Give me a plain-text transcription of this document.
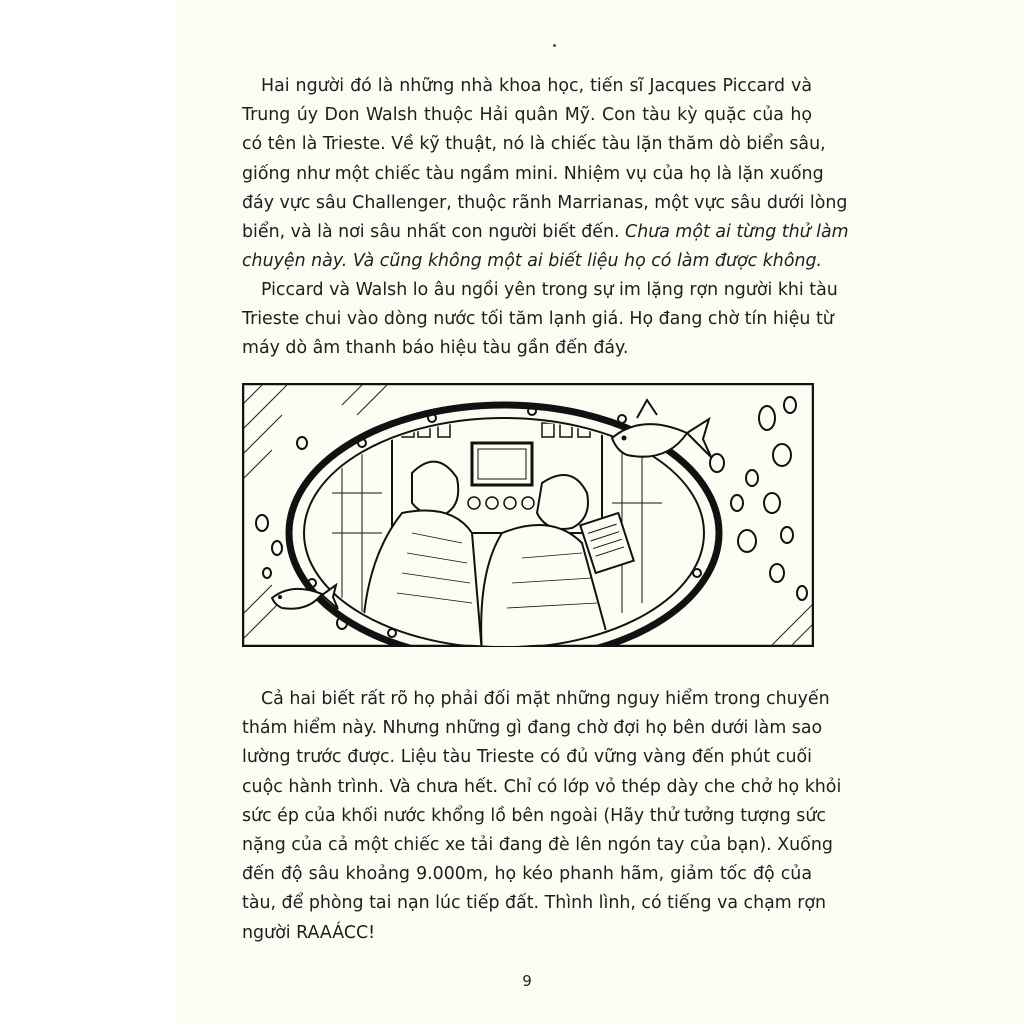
Hai người đó là những nhà khoa học, tiến sĩ Jacques Piccard và
Trung úy Don Walsh thuộc Hải quân Mỹ. Con tàu kỳ quặc của họ
có tên là Trieste. Về kỹ thuật, nó là chiếc tàu lặn thăm dò biển sâu,
giống như một chiếc tàu ngầm mini. Nhiệm vụ của họ là lặn xuống
đáy vực sâu Challenger, thuộc rãnh Marrianas, một vực sâu dưới lòng
biển, và là nơi sâu nhất con người biết đến. Chưa một ai từng thử làm
chuyện này. Và cũng không một ai biết liệu họ có làm được không.
Piccard và Walsh lo âu ngồi yên trong sự im lặng rợn người khi tàu
Trieste chui vào dòng nước tối tăm lạnh giá. Họ đang chờ tín hiệu từ
máy dò âm thanh báo hiệu tàu gần đến đáy.
Cả hai biết rất rõ họ phải đối mặt những nguy hiểm trong chuyến
thám hiểm này. Nhưng những gì đang chờ đợi họ bên dưới làm sao
lường trước được. Liệu tàu Trieste có đủ vững vàng đến phút cuối
cuộc hành trình. Và chưa hết. Chỉ có lớp vỏ thép dày che chở họ khỏi
sức ép của khối nước khổng lồ bên ngoài (Hãy thử tưởng tượng sức
nặng của cả một chiếc xe tải đang đè lên ngón tay của bạn). Xuống
đến độ sâu khoảng 9.000m, họ kéo phanh hãm, giảm tốc độ của
tàu, để phòng tai nạn lúc tiếp đất. Thình lình, có tiếng va chạm rợn
người RAAÁCC!
9
